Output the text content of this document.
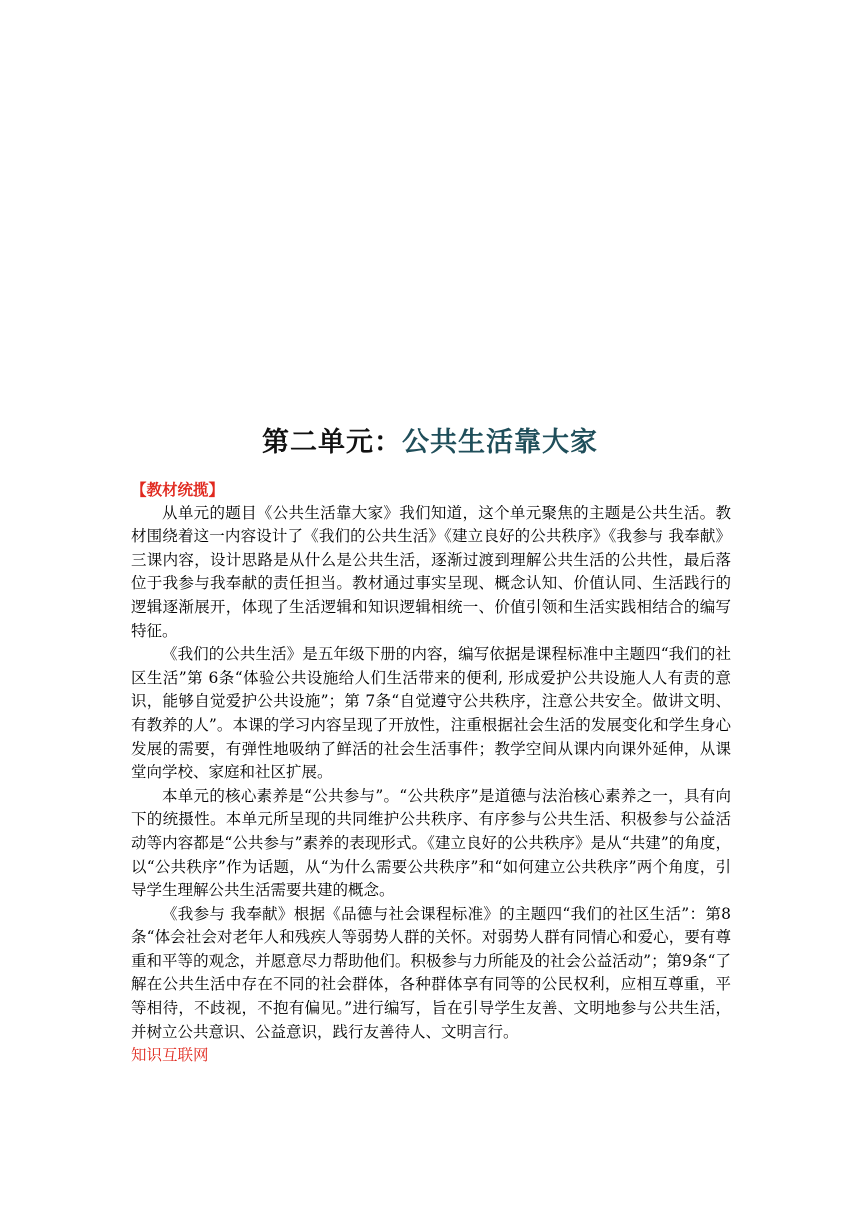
第二单元：公共生活靠大家

【教材统揽】

从单元的题目《公共生活靠大家》我们知道，这个单元聚焦的主题是公共生活。教材围绕着这一内容设计了《我们的公共生活》《建立良好的公共秩序》《我参与 我奉献》三课内容，设计思路是从什么是公共生活，逐渐过渡到理解公共生活的公共性，最后落位于我参与我奉献的责任担当。教材通过事实呈现、概念认知、价值认同、生活践行的逻辑逐渐展开，体现了生活逻辑和知识逻辑相统一、价值引领和生活实践相结合的编写特征。

《我们的公共生活》是五年级下册的内容，编写依据是课程标准中主题四“我们的社区生活”第 6条“体验公共设施给人们生活带来的便利, 形成爱护公共设施人人有责的意识，能够自觉爱护公共设施”；第 7条“自觉遵守公共秩序，注意公共安全。做讲文明、有教养的人”。本课的学习内容呈现了开放性，注重根据社会生活的发展变化和学生身心发展的需要，有弹性地吸纳了鲜活的社会生活事件；教学空间从课内向课外延伸，从课堂向学校、家庭和社区扩展。

本单元的核心素养是“公共参与”。“公共秩序”是道德与法治核心素养之一，具有向下的统摄性。本单元所呈现的共同维护公共秩序、有序参与公共生活、积极参与公益活动等内容都是“公共参与”素养的表现形式。《建立良好的公共秩序》是从“共建”的角度，以“公共秩序”作为话题，从“为什么需要公共秩序”和“如何建立公共秩序”两个角度，引导学生理解公共生活需要共建的概念。

《我参与 我奉献》根据《品德与社会课程标准》的主题四“我们的社区生活”：第8条“体会社会对老年人和残疾人等弱势人群的关怀。对弱势人群有同情心和爱心，要有尊重和平等的观念，并愿意尽力帮助他们。积极参与力所能及的社会公益活动”；第9条“了解在公共生活中存在不同的社会群体，各种群体享有同等的公民权利，应相互尊重，平等相待，不歧视，不抱有偏见。”进行编写，旨在引导学生友善、文明地参与公共生活，并树立公共意识、公益意识，践行友善待人、文明言行。

知识互联网
